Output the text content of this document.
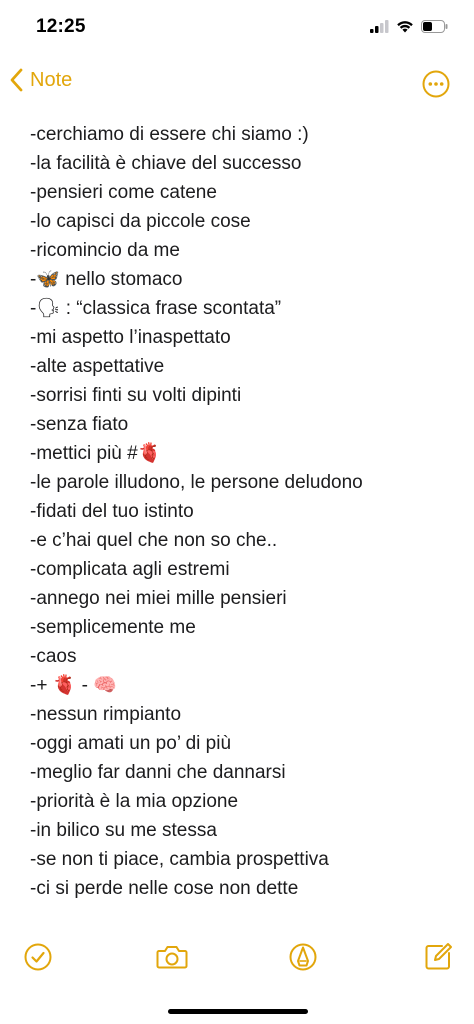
12:25
Note
-cerchiamo di essere chi siamo :)
-la facilità è chiave del successo
-pensieri come catene
-lo capisci da piccole cose
-ricomincio da me
-🦋 nello stomaco
-🗣 : “classica frase scontata”
-mi aspetto l’inaspettato
-alte aspettative
-sorrisi finti su volti dipinti
-senza fiato
-mettici più #🫀
-le parole illudono, le persone deludono
-fidati del tuo istinto
-e c’hai quel che non so che..
-complicata agli estremi
-annego nei miei mille pensieri
-semplicemente me
-caos
-+ 🫀 - 🧠
-nessun rimpianto
-oggi amati un po’ di più
-meglio far danni che dannarsi
-priorità è la mia opzione
-in bilico su me stessa
-se non ti piace, cambia prospettiva
-ci si perde nelle cose non dette
